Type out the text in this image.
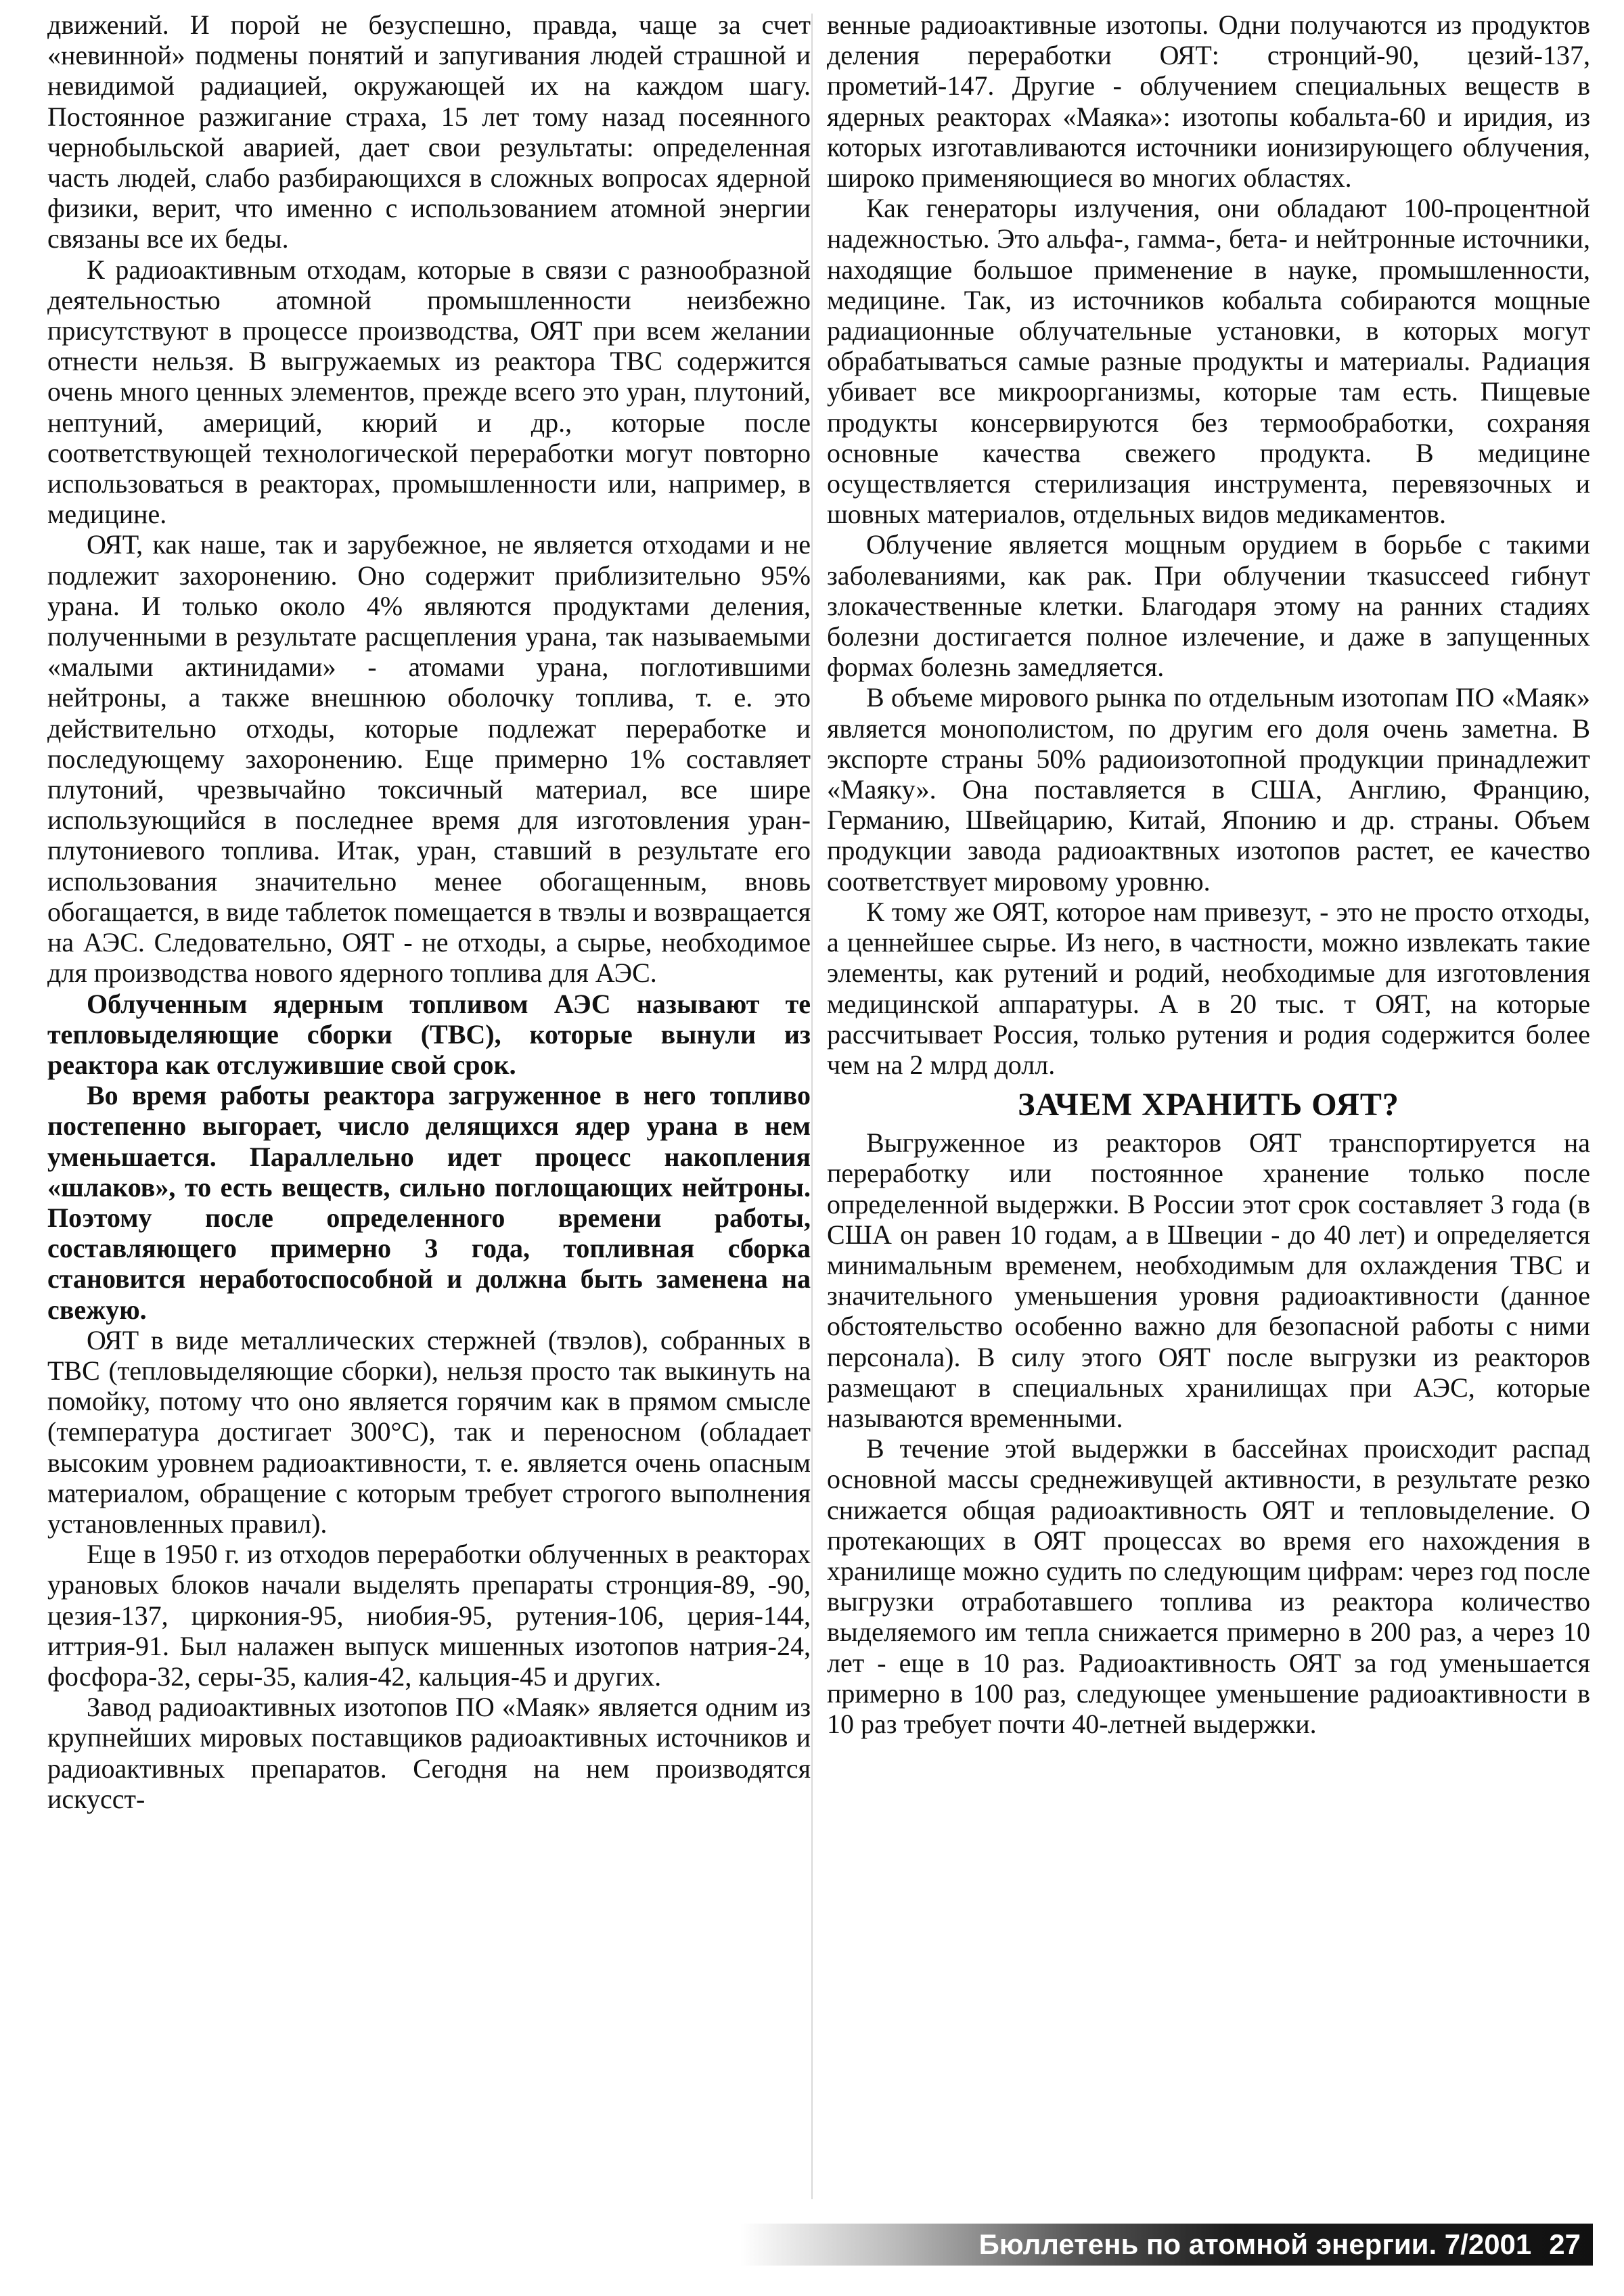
движений. И порой не безуспешно, правда, чаще за счет «невинной» подмены понятий и запугивания людей страшной и невидимой радиацией, окружающей их на каждом шагу. Постоянное разжигание страха, 15 лет тому назад посеянного чернобыльской аварией, дает свои результаты: определенная часть людей, слабо разбирающихся в сложных вопросах ядерной физики, верит, что именно с использованием атомной энергии связаны все их беды.

К радиоактивным отходам, которые в связи с разнообразной деятельностью атомной промышленности неизбежно присутствуют в процессе производства, ОЯТ при всем желании отнести нельзя. В выгружаемых из реактора ТВС содержится очень много ценных элементов, прежде всего это уран, плутоний, нептуний, америций, кюрий и др., которые после соответствующей технологической переработки могут повторно использоваться в реакторах, промышленности или, например, в медицине.

ОЯТ, как наше, так и зарубежное, не является отходами и не подлежит захоронению. Оно содержит приблизительно 95% урана. И только около 4% являются продуктами деления, полученными в результате расщепления урана, так называемыми «малыми актинидами» - атомами урана, поглотившими нейтроны, а также внешнюю оболочку топлива, т. е. это действительно отходы, которые подлежат переработке и последующему захоронению. Еще примерно 1% составляет плутоний, чрезвычайно токсичный материал, все шире использующийся в последнее время для изготовления уран-плутониевого топлива. Итак, уран, ставший в результате его использования значительно менее обогащенным, вновь обогащается, в виде таблеток помещается в твэлы и возвращается на АЭС. Следовательно, ОЯТ - не отходы, а сырье, необходимое для производства нового ядерного топлива для АЭС.

Облученным ядерным топливом АЭС называют те тепловыделяющие сборки (ТВС), которые вынули из реактора как отслужившие свой срок.

Во время работы реактора загруженное в него топливо постепенно выгорает, число делящихся ядер урана в нем уменьшается. Параллельно идет процесс накопления «шлаков», то есть веществ, сильно поглощающих нейтроны. Поэтому после определенного времени работы, составляющего примерно 3 года, топливная сборка становится неработоспособной и должна быть заменена на свежую.

ОЯТ в виде металлических стержней (твэлов), собранных в ТВС (тепловыделяющие сборки), нельзя просто так выкинуть на помойку, потому что оно является горячим как в прямом смысле (температура достигает 300°С), так и переносном (обладает высоким уровнем радиоактивности, т. е. является очень опасным материалом, обращение с которым требует строгого выполнения установленных правил).

Еще в 1950 г. из отходов переработки облученных в реакторах урановых блоков начали выделять препараты стронция-89, -90, цезия-137, циркония-95, ниобия-95, рутения-106, церия-144, иттрия-91. Был налажен выпуск мишенных изотопов натрия-24, фосфора-32, серы-35, калия-42, кальция-45 и других.

Завод радиоактивных изотопов ПО «Маяк» является одним из крупнейших мировых поставщиков радиоактивных источников и радиоактивных препаратов. Сегодня на нем производятся искусст-

венные радиоактивные изотопы. Одни получаются из продуктов деления переработки ОЯТ: стронций-90, цезий-137, прометий-147. Другие - облучением специальных веществ в ядерных реакторах «Маяка»: изотопы кобальта-60 и иридия, из которых изготавливаются источники ионизирующего облучения, широко применяющиеся во многих областях.

Как генераторы излучения, они обладают 100-процентной надежностью. Это альфа-, гамма-, бета- и нейтронные источники, находящие большое применение в науке, промышленности, медицине. Так, из источников кобальта собираются мощные радиационные облучательные установки, в которых могут обрабатываться самые разные продукты и материалы. Радиация убивает все микроорганизмы, которые там есть. Пищевые продукты консервируются без термообработки, сохраняя основные качества свежего продукта. В медицине осуществляется стерилизация инструмента, перевязочных и шовных материалов, отдельных видов медикаментов.

Облучение является мощным орудием в борьбе с такими заболеваниями, как рак. При облучении ткаsucceed гибнут злокачественные клетки. Благодаря этому на ранних стадиях болезни достигается полное излечение, и даже в запущенных формах болезнь замедляется.

В объеме мирового рынка по отдельным изотопам ПО «Маяк» является монополистом, по другим его доля очень заметна. В экспорте страны 50% радиоизотопной продукции принадлежит «Маяку». Она поставляется в США, Англию, Францию, Германию, Швейцарию, Китай, Японию и др. страны. Объем продукции завода радиоактвных изотопов растет, ее качество соответствует мировому уровню.

К тому же ОЯТ, которое нам привезут, - это не просто отходы, а ценнейшее сырье. Из него, в частности, можно извлекать такие элементы, как рутений и родий, необходимые для изготовления медицинской аппаратуры. А в 20 тыс. т ОЯТ, на которые рассчитывает Россия, только рутения и родия содержится более чем на 2 млрд долл.

ЗАЧЕМ ХРАНИТЬ ОЯТ?

Выгруженное из реакторов ОЯТ транспортируется на переработку или постоянное хранение только после определенной выдержки. В России этот срок составляет 3 года (в США он равен 10 годам, а в Швеции - до 40 лет) и определяется минимальным временем, необходимым для охлаждения ТВС и значительного уменьшения уровня радиоактивности (данное обстоятельство особенно важно для безопасной работы с ними персонала). В силу этого ОЯТ после выгрузки из реакторов размещают в специальных хранилищах при АЭС, которые называются временными.

В течение этой выдержки в бассейнах происходит распад основной массы среднеживущей активности, в результате резко снижается общая радиоактивность ОЯТ и тепловыделение. О протекающих в ОЯТ процессах во время его нахождения в хранилище можно судить по следующим цифрам: через год после выгрузки отработавшего топлива из реактора количество выделяемого им тепла снижается примерно в 200 раз, а через 10 лет - еще в 10 раз. Радиоактивность ОЯТ за год уменьшается примерно в 100 раз, следующее уменьшение радиоактивности в 10 раз требует почти 40-летней выдержки.

Бюллетень по атомной энергии. 7/2001 27
